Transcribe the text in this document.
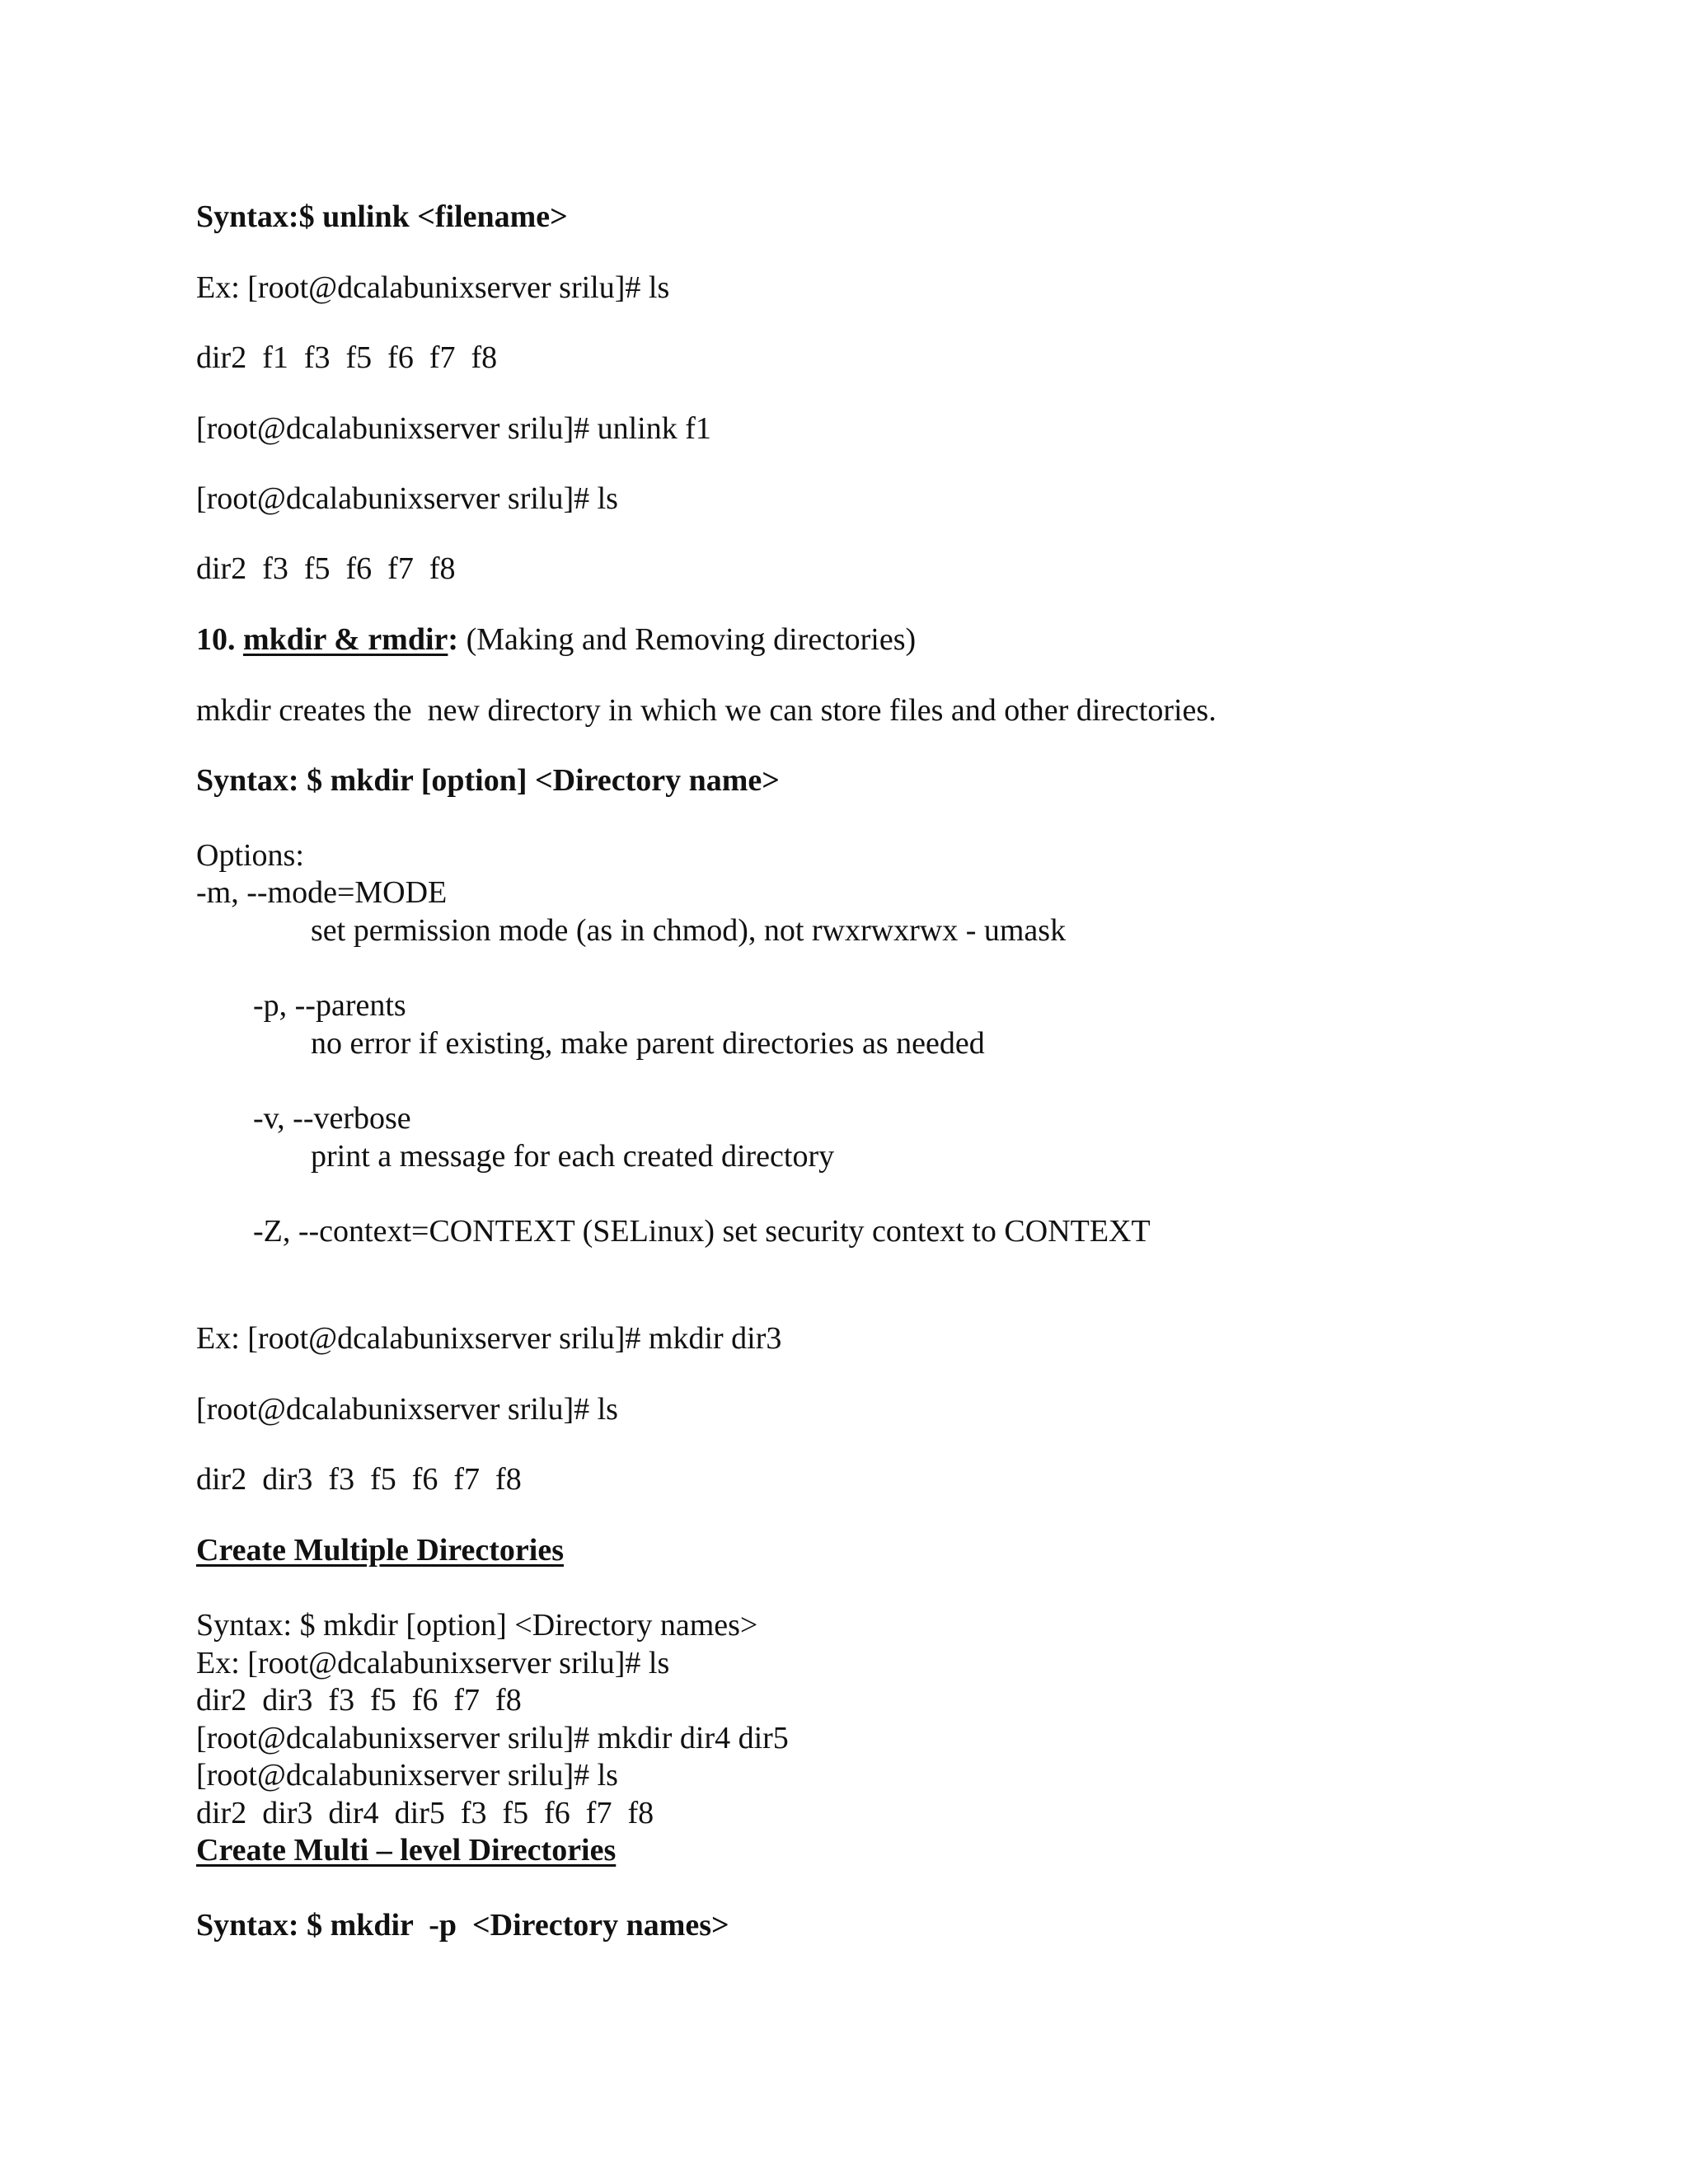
Syntax:$ unlink <filename>
Ex: [root@dcalabunixserver srilu]# ls
dir2  f1  f3  f5  f6  f7  f8
[root@dcalabunixserver srilu]# unlink f1
[root@dcalabunixserver srilu]# ls
dir2  f3  f5  f6  f7  f8
10. mkdir & rmdir: (Making and Removing directories)
mkdir creates the  new directory in which we can store files and other directories.
Syntax: $ mkdir [option] <Directory name>
Options:
-m, --mode=MODE
set permission mode (as in chmod), not rwxrwxrwx - umask
-p, --parents
no error if existing, make parent directories as needed
-v, --verbose
print a message for each created directory
-Z, --context=CONTEXT (SELinux) set security context to CONTEXT
Ex: [root@dcalabunixserver srilu]# mkdir dir3
[root@dcalabunixserver srilu]# ls
dir2  dir3  f3  f5  f6  f7  f8
Create Multiple Directories
Syntax: $ mkdir [option] <Directory names>
Ex: [root@dcalabunixserver srilu]# ls
dir2  dir3  f3  f5  f6  f7  f8
[root@dcalabunixserver srilu]# mkdir dir4 dir5
[root@dcalabunixserver srilu]# ls
dir2  dir3  dir4  dir5  f3  f5  f6  f7  f8
Create Multi – level Directories
Syntax: $ mkdir  -p  <Directory names>
